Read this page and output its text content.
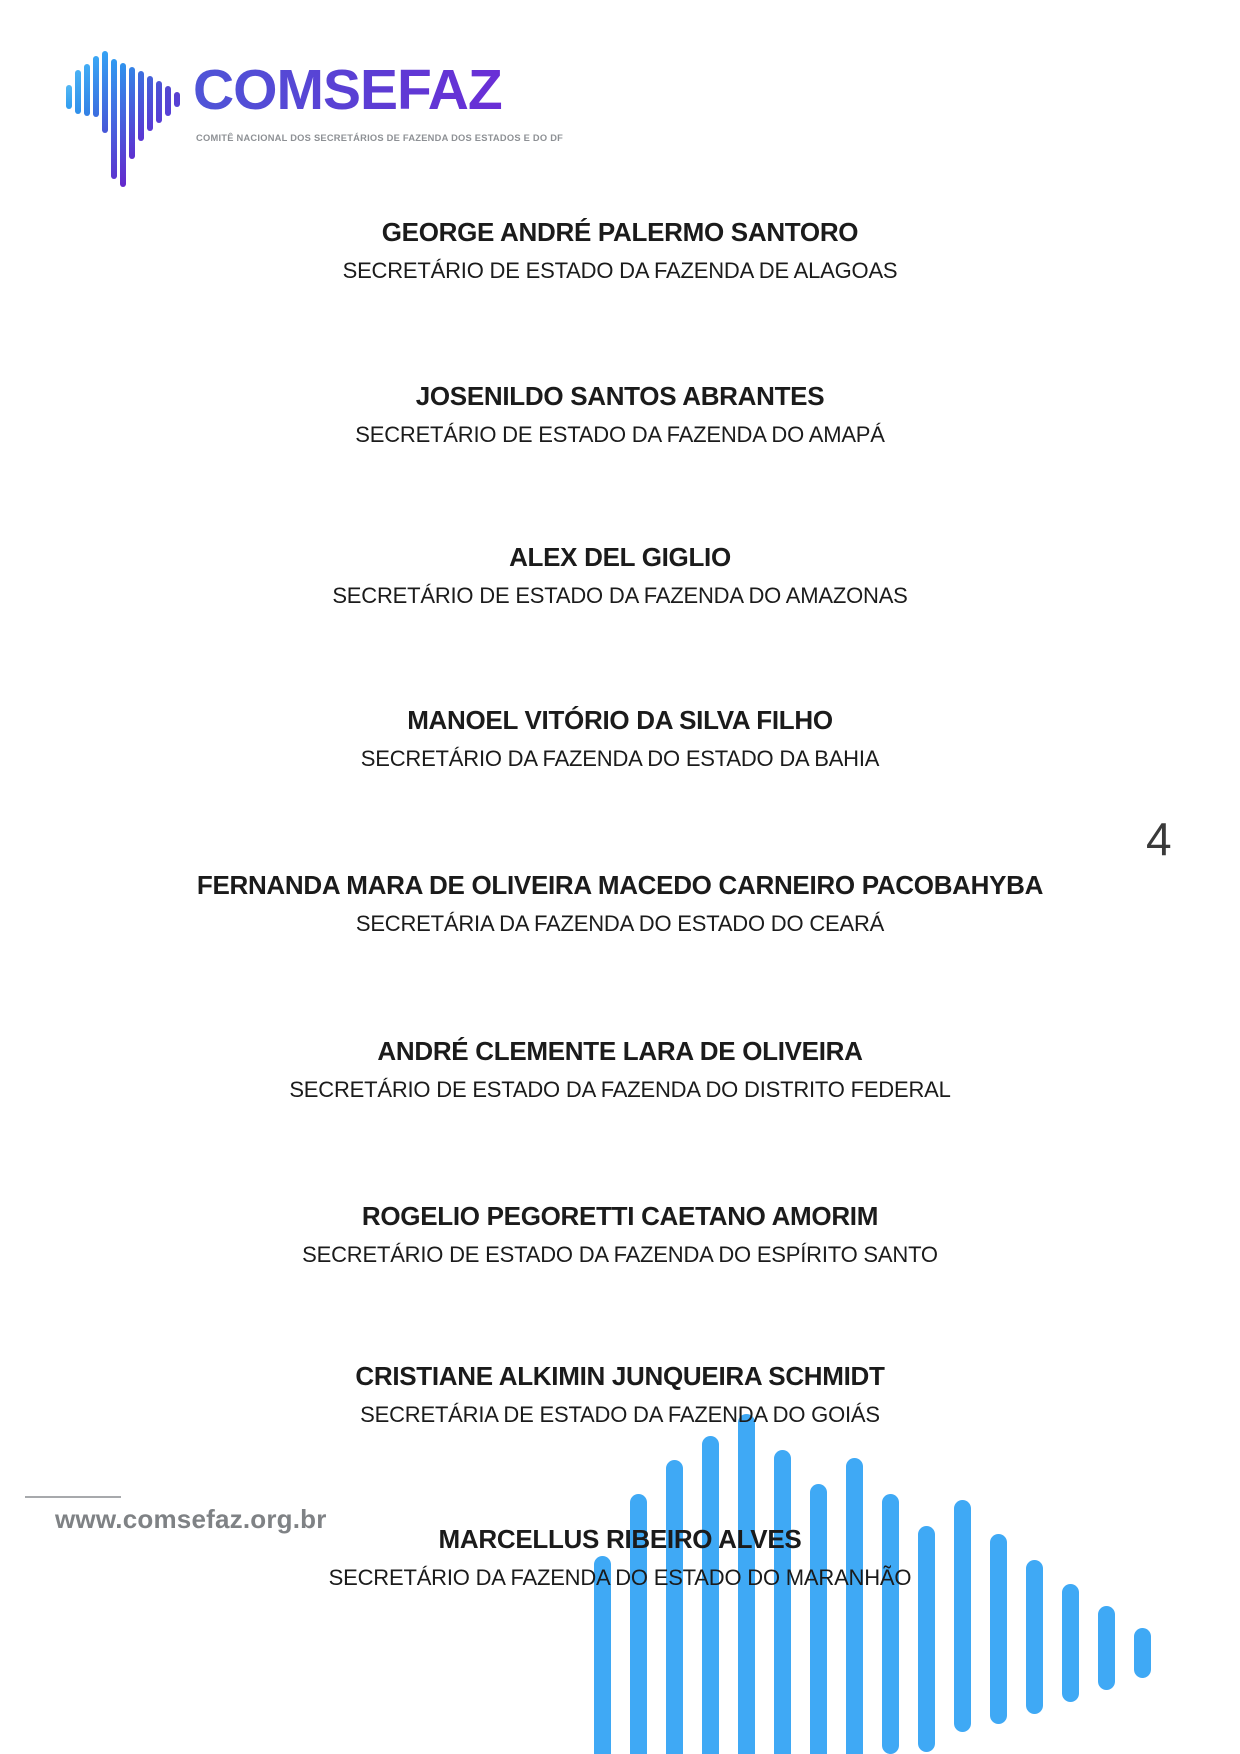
COMSEFAZ
COMITÊ NACIONAL DOS SECRETÁRIOS DE FAZENDA DOS ESTADOS E DO DF
GEORGE ANDRÉ PALERMO SANTORO
SECRETÁRIO DE ESTADO DA FAZENDA DE ALAGOAS
JOSENILDO SANTOS ABRANTES
SECRETÁRIO DE ESTADO DA FAZENDA DO AMAPÁ
ALEX DEL GIGLIO
SECRETÁRIO DE ESTADO DA FAZENDA DO AMAZONAS
MANOEL VITÓRIO DA SILVA FILHO
SECRETÁRIO DA FAZENDA DO ESTADO DA BAHIA
FERNANDA MARA DE OLIVEIRA MACEDO CARNEIRO PACOBAHYBA
SECRETÁRIA DA FAZENDA DO ESTADO DO CEARÁ
ANDRÉ CLEMENTE LARA DE OLIVEIRA
SECRETÁRIO DE ESTADO DA FAZENDA DO DISTRITO FEDERAL
ROGELIO PEGORETTI CAETANO AMORIM
SECRETÁRIO DE ESTADO DA FAZENDA DO ESPÍRITO SANTO
CRISTIANE ALKIMIN JUNQUEIRA SCHMIDT
SECRETÁRIA DE ESTADO DA FAZENDA DO GOIÁS
MARCELLUS RIBEIRO ALVES
SECRETÁRIO DA FAZENDA DO ESTADO DO MARANHÃO
4
www.comsefaz.org.br
